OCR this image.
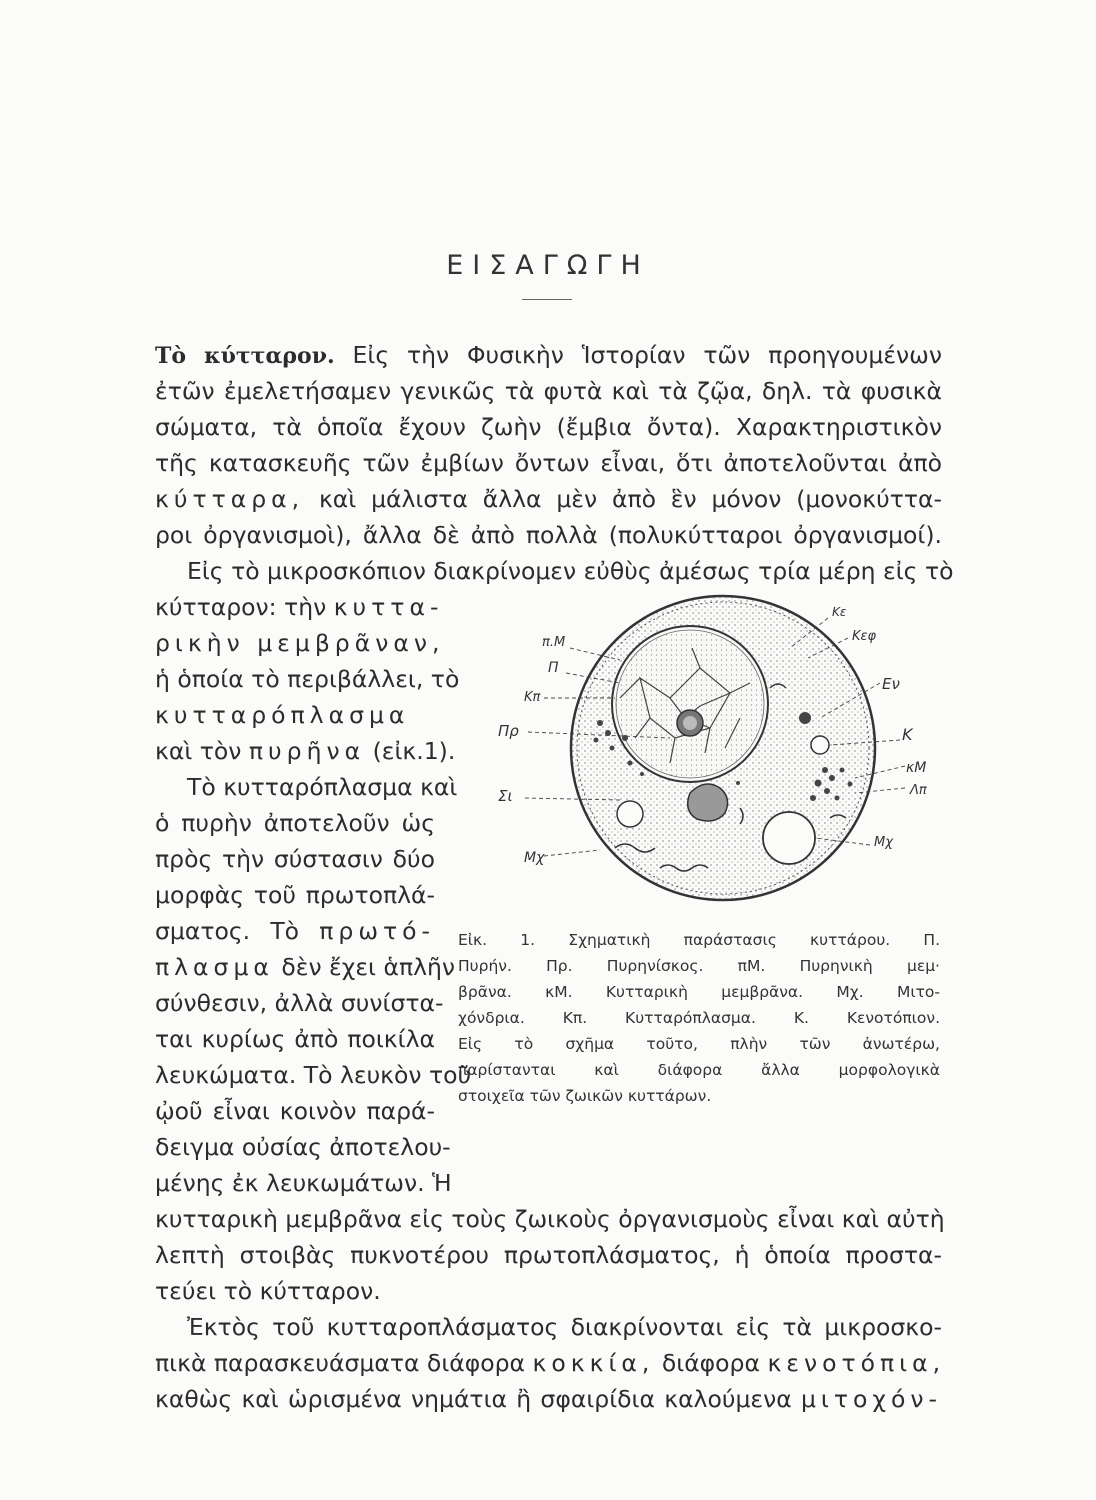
ΕΙΣΑΓΩΓΗ
Τὸ κύτταρον. Εἰς τὴν Φυσικὴν Ἱστορίαν τῶν προηγουμένων
ἐτῶν ἐμελετήσαμεν γενικῶς τὰ φυτὰ καὶ τὰ ζῷα, δηλ. τὰ φυσικὰ
σώματα, τὰ ὁποῖα ἔχουν ζωὴν (ἔμβια ὄντα). Χαρακτηριστικὸν
τῆς κατασκευῆς τῶν ἐμβίων ὄντων εἶναι, ὅτι ἀποτελοῦνται ἀπὸ
κύτταρα, καὶ μάλιστα ἄλλα μὲν ἀπὸ ἓν μόνον (μονοκύττα-
ροι ὀργανισμοὶ), ἄλλα δὲ ἀπὸ πολλὰ (πολυκύτταροι ὀργανισμοί).
Εἰς τὸ μικροσκόπιον διακρίνομεν εὐθὺς ἀμέσως τρία μέρη εἰς τὸ
κύτταρον: τὴν κυττα-
ρικὴν μεμβρᾶναν,
ἡ ὁποία τὸ περιβάλλει, τὸ
κυτταρόπλασμα
καὶ τὸν πυρῆνα (εἰκ.1).
Τὸ κυτταρόπλασμα καὶ
ὁ πυρὴν ἀποτελοῦν ὡς
πρὸς τὴν σύστασιν δύο
μορφὰς τοῦ πρωτοπλά-
σματος. Τὸ πρωτό-
πλασμα δὲν ἔχει ἁπλῆν
σύνθεσιν, ἀλλὰ συνίστα-
ται κυρίως ἀπὸ ποικίλα
λευκώματα. Τὸ λευκὸν τοῦ
ᾠοῦ εἶναι κοινὸν παρά-
δειγμα οὐσίας ἀποτελου-
μένης ἐκ λευκωμάτων. Ἡ
κυτταρικὴ μεμβρᾶνα εἰς τοὺς ζωικοὺς ὀργανισμοὺς εἶναι καὶ αὐτὴ
λεπτὴ στοιβὰς πυκνοτέρου πρωτοπλάσματος, ἡ ὁποία προστα-
τεύει τὸ κύτταρον.
Ἐκτὸς τοῦ κυτταροπλάσματος διακρίνονται εἰς τὰ μικροσκο-
πικὰ παρασκευάσματα διάφορα κοκκία, διάφορα κενοτόπια,
καθὼς καὶ ὡρισμένα νημάτια ἢ σφαιρίδια καλούμενα μιτοχόν-
π.Μ
Π
Κπ
Πρ
Σι
Μχ
Κε
Κεφ
Εν
Κ
κΜ
Λπ
Μχ
Εἰκ. 1. Σχηματικὴ παράστασις κυττάρου. Π.
Πυρήν. Πρ. Πυρηνίσκος. πΜ. Πυρηνικὴ μεμ·
βρᾶνα. κΜ. Κυτταρικὴ μεμβρᾶνα. Μχ. Μιτο-
χόνδρια. Κπ. Κυτταρόπλασμα. Κ. Κενοτόπιον.
Εἰς τὸ σχῆμα τοῦτο, πλὴν τῶν ἀνωτέρω,
παρίστανται καὶ διάφορα ἄλλα μορφολογικὰ
στοιχεῖα τῶν ζωικῶν κυττάρων.
